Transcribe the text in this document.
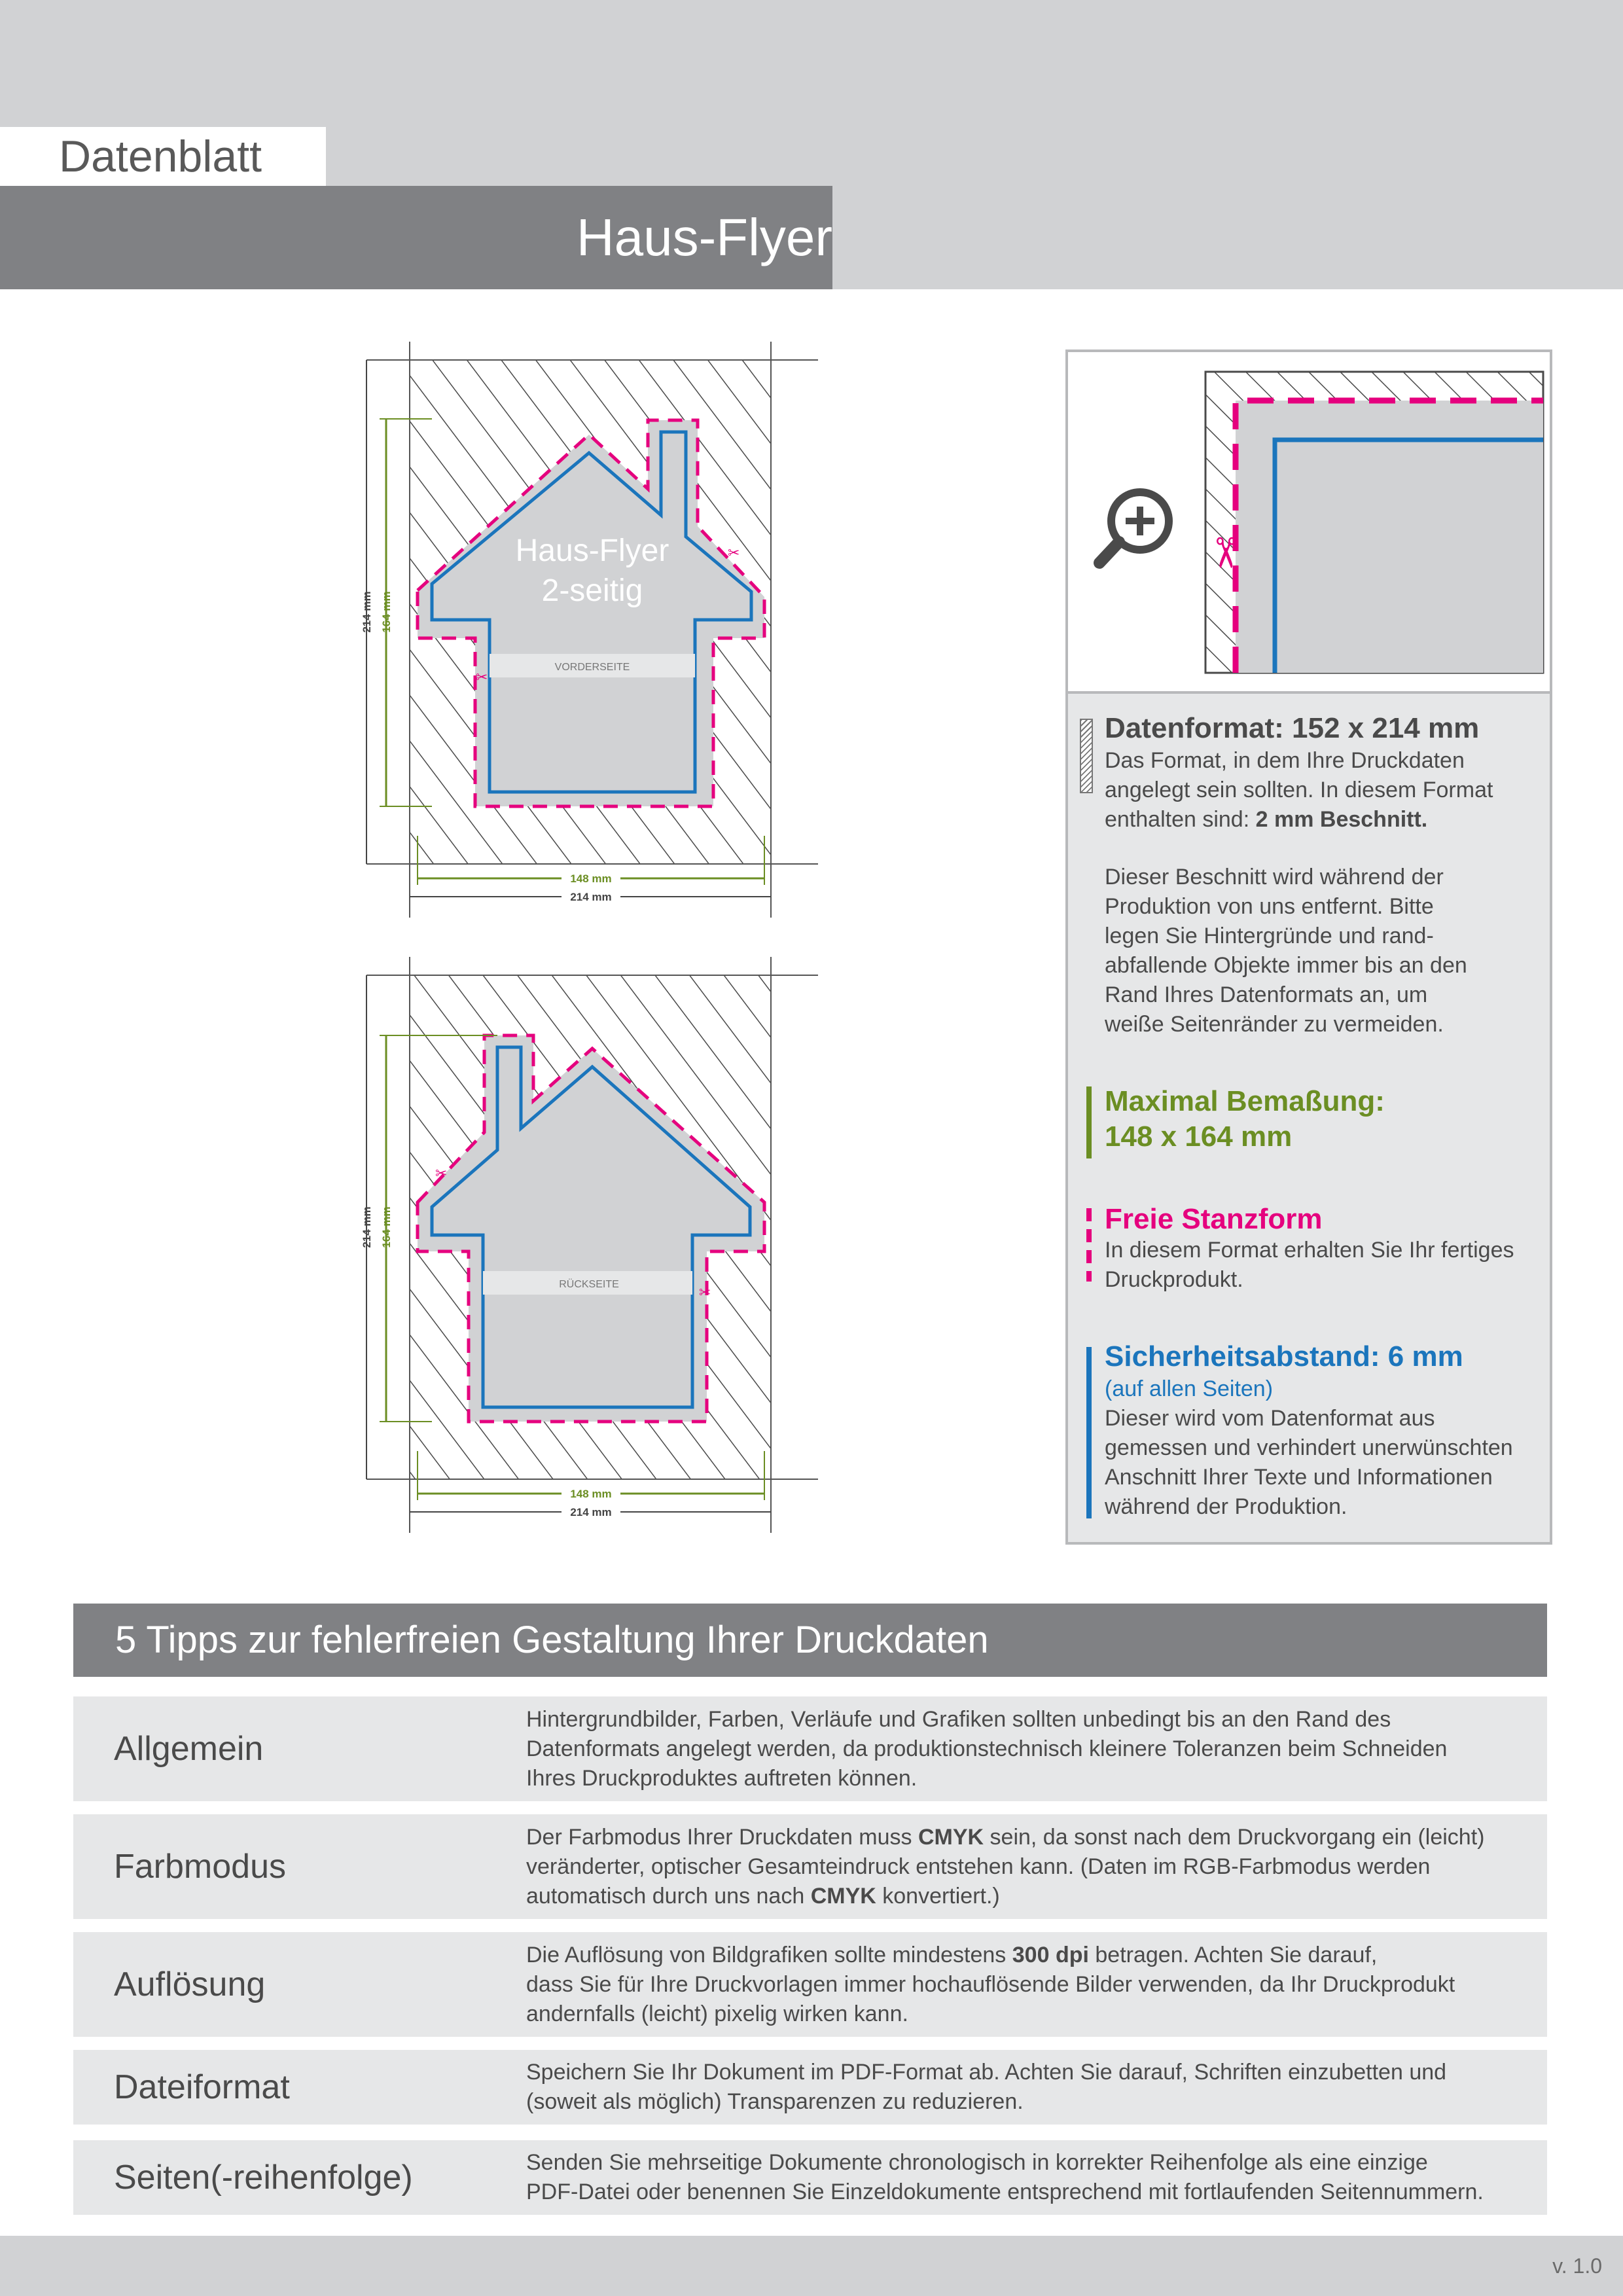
Datenblatt
Haus-Flyer
VORDERSEITE
Haus-Flyer
2-seitig
✂
✂
214 mm 164 mm
148 mm
214 mm
RÜCKSEITE
✂
✂
214 mm 164 mm
148 mm
214 mm
✂
Datenformat: 152 x 214 mm
Das Format, in dem Ihre Druckdaten
angelegt sein sollten. In diesem Format
enthalten sind: 2 mm Beschnitt.
Dieser Beschnitt wird während der
Produktion von uns entfernt. Bitte
legen Sie Hintergründe und rand-
abfallende Objekte immer bis an den
Rand Ihres Datenformats an, um
weiße Seitenränder zu vermeiden.
Maximal Bemaßung:
148 x 164 mm
Freie Stanzform
In diesem Format erhalten Sie Ihr fertiges
Druckprodukt.
Sicherheitsabstand: 6 mm
(auf allen Seiten)
Dieser wird vom Datenformat aus
gemessen und verhindert unerwünschten
Anschnitt Ihrer Texte und Informationen
während der Produktion.
5 Tipps zur fehlerfreien Gestaltung Ihrer Druckdaten
Allgemein
Hintergrundbilder, Farben, Verläufe und Grafiken sollten unbedingt bis an den Rand des
Datenformats angelegt werden, da produktionstechnisch kleinere Toleranzen beim Schneiden
Ihres Druckproduktes auftreten können.
Farbmodus
Der Farbmodus Ihrer Druckdaten muss CMYK sein, da sonst nach dem Druckvorgang ein (leicht)
veränderter, optischer Gesamteindruck entstehen kann. (Daten im RGB-Farbmodus werden
automatisch durch uns nach CMYK konvertiert.)
Auflösung
Die Auflösung von Bildgrafiken sollte mindestens 300 dpi betragen. Achten Sie darauf,
dass Sie für Ihre Druckvorlagen immer hochauflösende Bilder verwenden, da Ihr Druckprodukt
andernfalls (leicht) pixelig wirken kann.
Dateiformat	Speichern Sie Ihr Dokument im PDF-Format ab. Achten Sie darauf, Schriften einzubetten und
(soweit als möglich) Transparenzen zu reduzieren.
Seiten(-reihenfolge)	Senden Sie mehrseitige Dokumente chronologisch in korrekter Reihenfolge als eine einzige
PDF-Datei oder benennen Sie Einzeldokumente entsprechend mit fortlaufenden Seitennummern.
v. 1.0
